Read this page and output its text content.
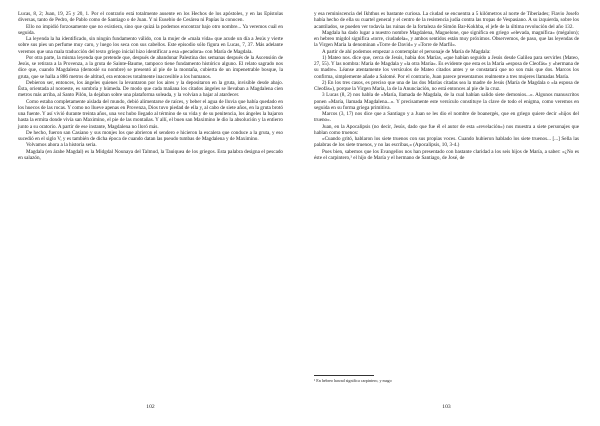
Lucas, 8, 2; Juan, 19, 25 y 20, 1. Por el contrario está totalmente ausente en los Hechos de los apóstoles, y en las Epístolas diversas, tanto de Pedro, de Pablo como de Santiago o de Juan. Y ni Eusebio de Cesárea ni Papías la conocen.

Ello no impidió forzosamente que no existiera, sino que quizá la podemos encontrar bajo otro nombre... Ya veremos cuál en seguida.

La leyenda la ha identificado, sin ningún fundamento válido, con la mujer de «mala vida» que acude un día a Jesús y vierte sobre sus pies un perfume muy caro, y luego los seca con sus cabellos. Este episodio sólo figura en Lucas, 7, 37. Más adelante veremos que una mala traducción del texto griego inicial hizo identificar a esa «pecadora» con María de Magdala.

Por otra parte, la misma leyenda que pretende que, después de abandonar Palestina dos semanas después de la Ascensión de Jesús, se retirara a la Provenza, a la gruta de Sainte-Baume, tampoco tiene fundamento histórico alguno. El relato sagrado nos dice que, cuando Magdalena (demoslé su nombre) se presentó al pie de la montaña, cubierta de un impenetrable bosque, la gruta, que se halla a 886 metros de altitud, era entonces totalmente inaccesible a los humanos.

Debieron ser, entonces, los ángeles quienes la levantaron por los aires y la depositaron en la gruta, invisible desde abajo. Ésta, orientada al noroeste, es sombría y húmeda. De modo que cada mañana los citados ángeles se llevaban a Magdalena cien metros más arriba, al Santo Pilón, la dejaban sobre una plataforma soleada, y la volvían a bajar al atardecer.

Como estaba completamente aislada del mundo, debió alimentarse de raíces, y beber el agua de lluvia que había quedado en los huecos de las rocas. Y como no llueve apenas en Provenza, Dios tuvo piedad de ella y, al cabo de siete años, en la gruta brotó una fuente. Y así vivió durante treinta años, una vez hubo llegado al término de su vida y de su penitencia, los ángeles la bajaron hasta la ermita donde vivía san Maximino, el pie de las montañas. Y allí, el buen san Maximino le dio la absolución y la entierro junto a su oratorio. A partir de ese instante, Magdalena no lloró más.

De hecho, fueron san Casiano y sus monjes los que abrieron el sendero e hicieron la escalera que conduce a la gruta, y eso sucedió en el siglo V, y es también de dicha época de cuando datan las pseudo tumbas de Magdalena y de Maximino.

Volvamos ahora a la historia seria.

Magdala (en árabe Magdal) es la Midgdal Nounaya del Talmud, la Tauiquea de los griegos. Esta palabra designa el pescado en salazón,

102

y esa reminiscencia del Ikhthus es bastante curiosa. La ciudad se encuentra a 5 kilómetros al norte de Tiberíades; Flavio Josefo había hecho de ella su cuartel general y el centro de la resistencia judía contra las tropas de Vespasiano. A su izquierda, sobre los acantilados, se pueden ver todavía las ruinas de la fortaleza de Simón Bar-Kokhba, el jefe de la última revolución del año 132.

Magdala ha dado lugar a nuestro nombre Magdalena, Maguelone, que significa en griego «elevada, magnífica» (mégalon); en hebreo migdol significa «torre, ciudadela», y ambos sentidos están muy próximos. Observemos, de paso, que las leyendas de la Virgen María la denominan «Torre de David» y «Torre de Marfil».

A partir de ahí podemos empezar a contemplar el personaje de María de Magdala:

1) Mateo nos. dice que, cerca de Jesús, había dos Marías, «que habían seguido a Jesús desde Galilea para servirles (Mateo, 27, 55). Y las nombra: María de Magdala y «la otra María». Es evidente que esta es la María «esposa de Cleofás» y «hermana de su madre». Léanse atentamente los versículos de Mateo citados antes y se constatará que no son más que dos. Marcos los confirma, simplemente añade a Salomé. Por el contrario, Juan parece presentarnos realmente a tres mujeres llamadas María.

2) En los tres casos, es preciso que una de las dos Marías citadas sea la madre de Jesús (María de Magdala o «la esposa de Cleofás»), porque la Virgen María, la de la Anunciación, no está entonces al pie de la cruz.

3 Lucas (8, 2) nos habla de «María, llamada de Magdala, de la cual habían salido siete demonios...». Algunos manuscritos ponen «María, llamada Magdalena...». Y precisamente este versículo constituye la clave de todo el enigma, como veremos en seguida en su forma griega primitiva.

Marcos (3, 17) nos dice que a Santiago y a Juan se les dio el nombre de boanergés, que en griego quiere decir «hijos del trueno».

Juan, en la Apocalipsis (no decir, Jesús, dado que fue él el autor de esta «revelación») nos muestra a siete personajes que hablan como truenos:

«Cuando gritó, hablaron los siete truenos con sus propias voces. Cuando hubieron hablado los siete truenos... [...] Sella las palabras de los siete truenos, y no las escribas,» (Apocalipsis, 10, 3-4.)

Pues bien, sabemos que los Evangelios nos han presentado con bastante claridad a los seis hijos de María, a saber: «¿No es éste el carpintero,¹ el hijo de María y el hermano de Santiago, de José, de

¹ En hebreo hawad significa carpintero, y mago
103
